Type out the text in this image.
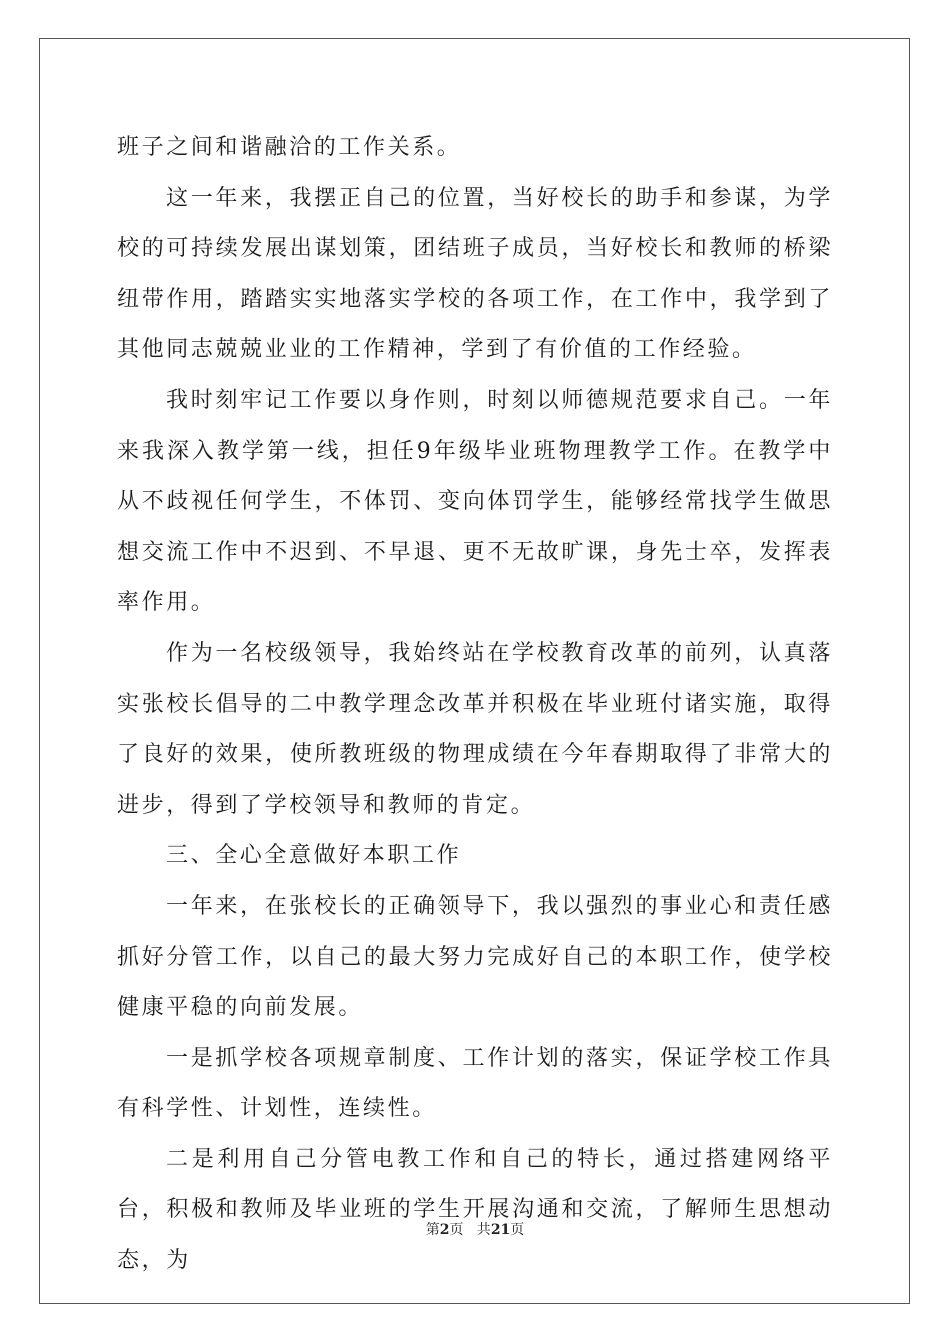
班子之间和谐融洽的工作关系。

这一年来，我摆正自己的位置，当好校长的助手和参谋，为学校的可持续发展出谋划策，团结班子成员，当好校长和教师的桥梁纽带作用，踏踏实实地落实学校的各项工作，在工作中，我学到了其他同志兢兢业业的工作精神，学到了有价值的工作经验。

我时刻牢记工作要以身作则，时刻以师德规范要求自己。一年来我深入教学第一线，担任9年级毕业班物理教学工作。在教学中从不歧视任何学生，不体罚、变向体罚学生，能够经常找学生做思想交流工作中不迟到、不早退、更不无故旷课，身先士卒，发挥表率作用。

作为一名校级领导，我始终站在学校教育改革的前列，认真落实张校长倡导的二中教学理念改革并积极在毕业班付诸实施，取得了良好的效果，使所教班级的物理成绩在今年春期取得了非常大的进步，得到了学校领导和教师的肯定。

三、全心全意做好本职工作

一年来，在张校长的正确领导下，我以强烈的事业心和责任感抓好分管工作，以自己的最大努力完成好自己的本职工作，使学校健康平稳的向前发展。

一是抓学校各项规章制度、工作计划的落实，保证学校工作具有科学性、计划性，连续性。

二是利用自己分管电教工作和自己的特长，通过搭建网络平台，积极和教师及毕业班的学生开展沟通和交流，了解师生思想动态，为

第2页   共21页
